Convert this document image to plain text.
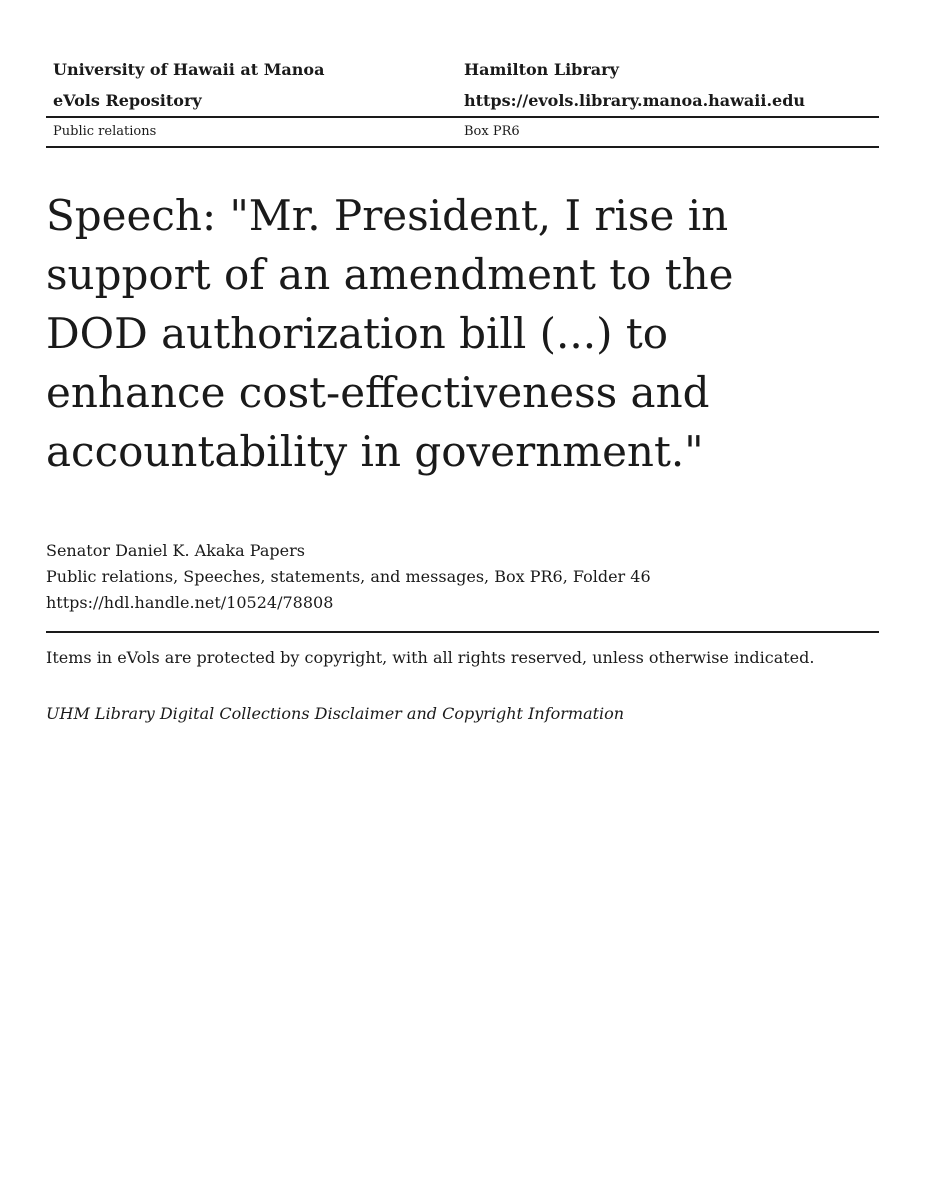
University of Hawaii at Manoa	Hamilton Library
eVols Repository	https://evols.library.manoa.hawaii.edu
Public relations	Box PR6
Speech: "Mr. President, I rise in support of an amendment to the DOD authorization bill (...) to enhance cost-effectiveness and accountability in government."
Senator Daniel K. Akaka Papers
Public relations, Speeches, statements, and messages, Box PR6, Folder 46
https://hdl.handle.net/10524/78808
Items in eVols are protected by copyright, with all rights reserved, unless otherwise indicated.
UHM Library Digital Collections Disclaimer and Copyright Information
